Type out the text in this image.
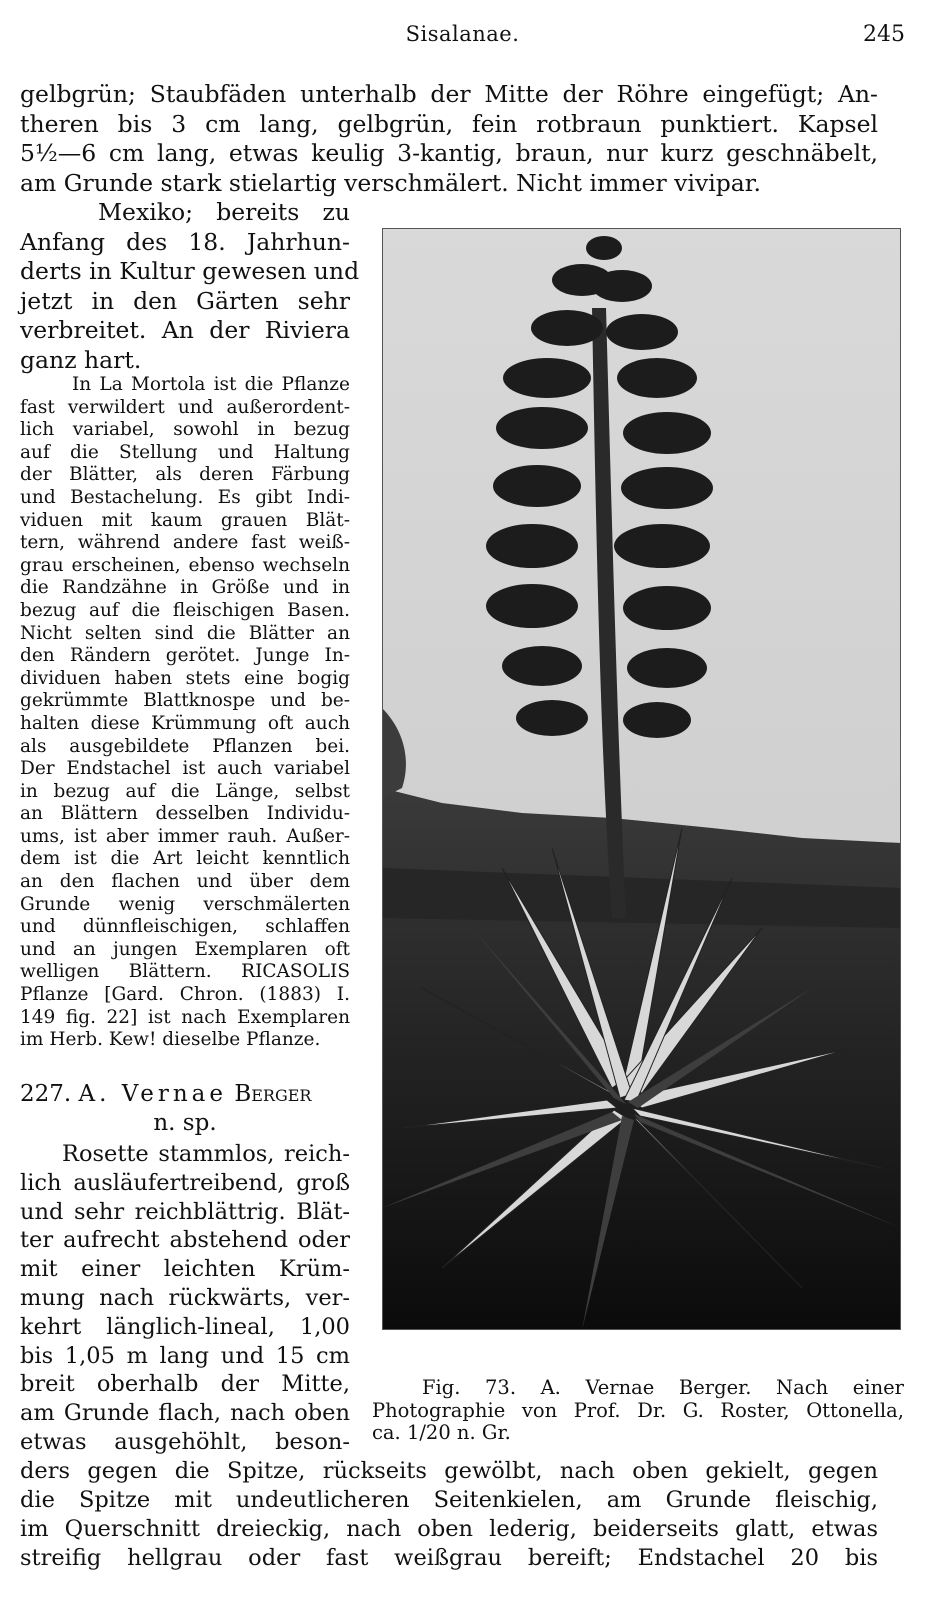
Sisalanae.	245
gelbgrün; Staubfäden unterhalb der Mitte der Röhre eingefügt; An-
theren bis 3 cm lang, gelbgrün, fein rotbraun punktiert. Kapsel
5½—6 cm lang, etwas keulig 3-kantig, braun, nur kurz geschnäbelt,
am Grunde stark stielartig verschmälert. Nicht immer vivipar.
Mexiko; bereits zu
Anfang des 18. Jahrhun-
derts in Kultur gewesen und
jetzt in den Gärten sehr
verbreitet. An der Riviera
ganz hart.
In La Mortola ist die Pflanze
fast verwildert und außerordent-
lich variabel, sowohl in bezug
auf die Stellung und Haltung
der Blätter, als deren Färbung
und Bestachelung. Es gibt Indi-
viduen mit kaum grauen Blät-
tern, während andere fast weiß-
grau erscheinen, ebenso wechseln
die Randzähne in Größe und in
bezug auf die fleischigen Basen.
Nicht selten sind die Blätter an
den Rändern gerötet. Junge In-
dividuen haben stets eine bogig
gekrümmte Blattknospe und be-
halten diese Krümmung oft auch
als ausgebildete Pflanzen bei.
Der Endstachel ist auch variabel
in bezug auf die Länge, selbst
an Blättern desselben Individu-
ums, ist aber immer rauh. Außer-
dem ist die Art leicht kenntlich
an den flachen und über dem
Grunde wenig verschmälerten
und dünnfleischigen, schlaffen
und an jungen Exemplaren oft
welligen Blättern. RICASOLIS
Pflanze [Gard. Chron. (1883) I.
149 fig. 22] ist nach Exemplaren
im Herb. Kew! dieselbe Pflanze.
227. A. Vernae Berger
n. sp.
Rosette stammlos, reich-
lich ausläufertreibend, groß
und sehr reichblättrig. Blät-
ter aufrecht abstehend oder
mit einer leichten Krüm-
mung nach rückwärts, ver-
kehrt länglich-lineal, 1,00
bis 1,05 m lang und 15 cm
breit oberhalb der Mitte,
am Grunde flach, nach oben
etwas ausgehöhlt, beson-
ders gegen die Spitze, rückseits gewölbt, nach oben gekielt, gegen
die Spitze mit undeutlicheren Seitenkielen, am Grunde fleischig,
im Querschnitt dreieckig, nach oben lederig, beiderseits glatt, etwas
streifig hellgrau oder fast weißgrau bereift; Endstachel 20 bis
Fig. 73. A. Vernae Berger. Nach einer
Photographie von Prof. Dr. G. Roster, Ottonella,
ca. 1/20 n. Gr.
